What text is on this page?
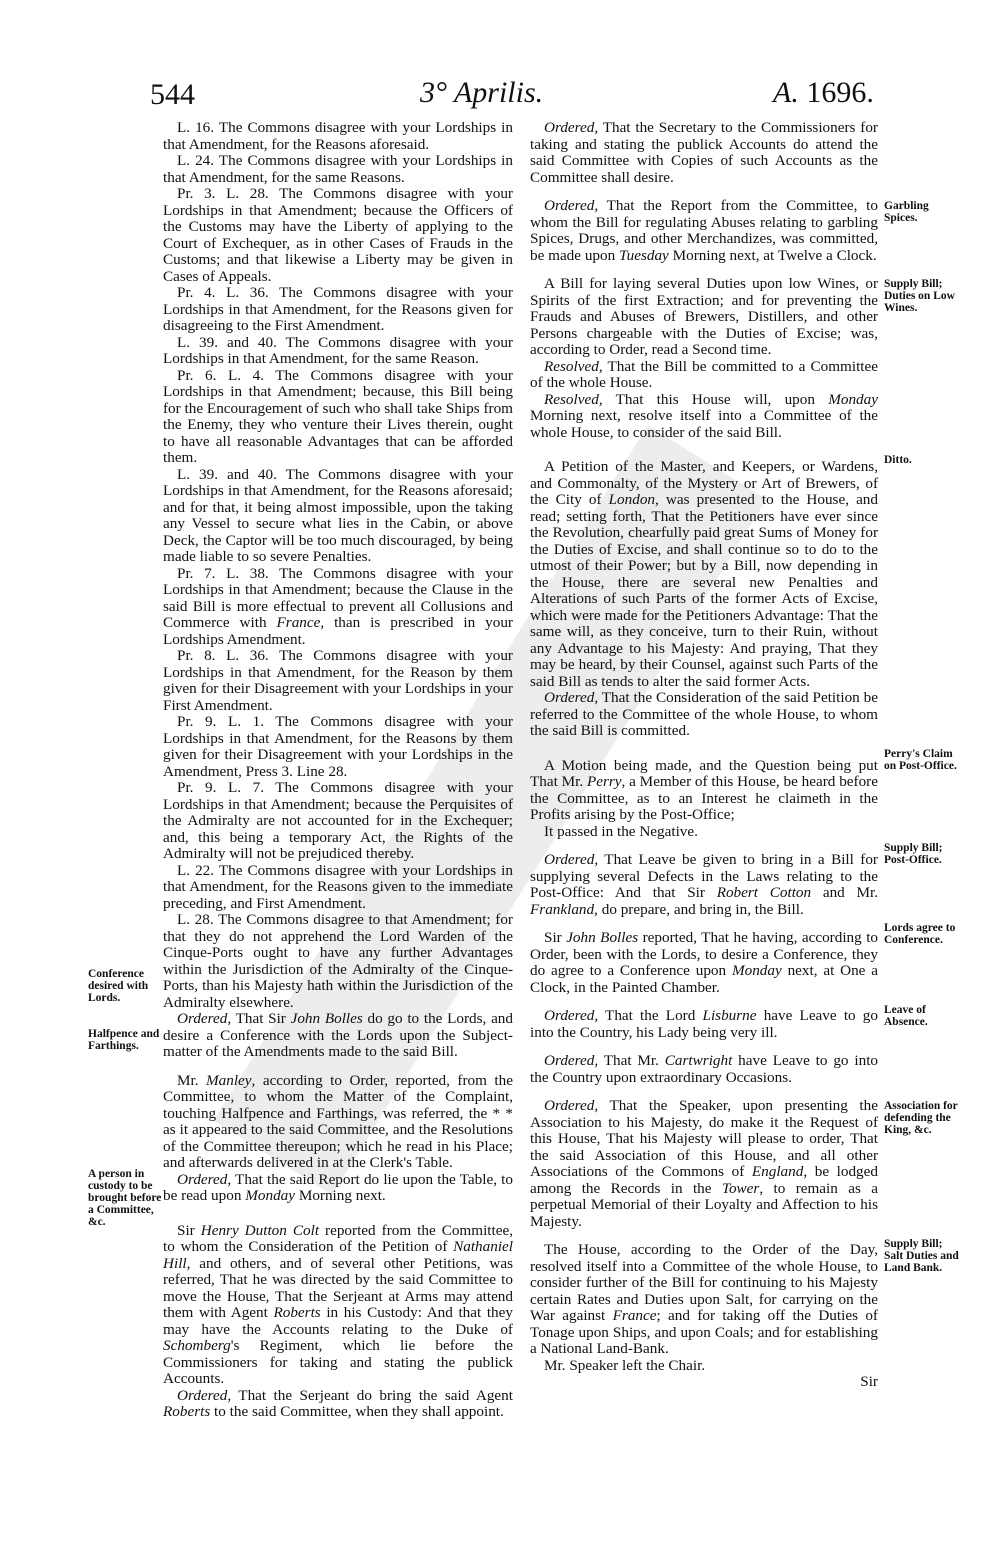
544	3° Aprilis.	A. 1696.

L. 16. The Commons disagree with your Lordships in that Amendment, for the Reasons aforesaid.

L. 24. The Commons disagree with your Lordships in that Amendment, for the same Reasons.

Pr. 3. L. 28. The Commons disagree with your Lordships in that Amendment; because the Officers of the Customs may have the Liberty of applying to the Court of Exchequer, as in other Cases of Frauds in the Customs; and that likewise a Liberty may be given in Cases of Appeals.

Pr. 4. L. 36. The Commons disagree with your Lordships in that Amendment, for the Reasons given for disagreeing to the First Amendment.

L. 39. and 40. The Commons disagree with your Lordships in that Amendment, for the same Reason.

Pr. 6. L. 4. The Commons disagree with your Lordships in that Amendment; because, this Bill being for the Encouragement of such who shall take Ships from the Enemy, they who venture their Lives therein, ought to have all reasonable Advantages that can be afforded them.

L. 39. and 40. The Commons disagree with your Lordships in that Amendment, for the Reasons aforesaid; and for that, it being almost impossible, upon the taking any Vessel to secure what lies in the Cabin, or above Deck, the Captor will be too much discouraged, by being made liable to so severe Penalties.

Pr. 7. L. 38. The Commons disagree with your Lordships in that Amendment; because the Clause in the said Bill is more effectual to prevent all Collusions and Commerce with France, than is prescribed in your Lordships Amendment.

Pr. 8. L. 36. The Commons disagree with your Lordships in that Amendment, for the Reason by them given for their Disagreement with your Lordships in your First Amendment.

Pr. 9. L. 1. The Commons disagree with your Lordships in that Amendment, for the Reasons by them given for their Disagreement with your Lordships in the Amendment, Press 3. Line 28.

Pr. 9. L. 7. The Commons disagree with your Lordships in that Amendment; because the Perquisites of the Admiralty are not accounted for in the Exchequer; and, this being a temporary Act, the Rights of the Admiralty will not be prejudiced thereby.

L. 22. The Commons disagree with your Lordships in that Amendment, for the Reasons given to the immediate preceding, and First Amendment.

L. 28. The Commons disagree to that Amendment; for that they do not apprehend the Lord Warden of the Cinque-Ports ought to have any further Advantages within the Jurisdiction of the Admiralty of the Cinque-Ports, than his Majesty hath within the Jurisdiction of the Admiralty elsewhere.

Ordered, That Sir John Bolles do go to the Lords, and desire a Conference with the Lords upon the Subject-matter of the Amendments made to the said Bill.

Mr. Manley, according to Order, reported, from the Committee, to whom the Matter of the Complaint, touching Halfpence and Farthings, was referred, the * * as it appeared to the said Committee, and the Resolutions of the Committee thereupon; which he read in his Place; and afterwards delivered in at the Clerk's Table.

Ordered, That the said Report do lie upon the Table, to be read upon Monday Morning next.

Sir Henry Dutton Colt reported from the Committee, to whom the Consideration of the Petition of Nathaniel Hill, and others, and of several other Petitions, was referred, That he was directed by the said Committee to move the House, That the Serjeant at Arms may attend them with Agent Roberts in his Custody: And that they may have the Accounts relating to the Duke of Schomberg's Regiment, which lie before the Commissioners for taking and stating the publick Accounts.

Ordered, That the Serjeant do bring the said Agent Roberts to the said Committee, when they shall appoint.

Ordered, That the Secretary to the Commissioners for taking and stating the publick Accounts do attend the said Committee with Copies of such Accounts as the Committee shall desire.

Ordered, That the Report from the Committee, to whom the Bill for regulating Abuses relating to garbling Spices, Drugs, and other Merchandizes, was committed, be made upon Tuesday Morning next, at Twelve a Clock.

A Bill for laying several Duties upon low Wines, or Spirits of the first Extraction; and for preventing the Frauds and Abuses of Brewers, Distillers, and other Persons chargeable with the Duties of Excise; was, according to Order, read a Second time.

Resolved, That the Bill be committed to a Committee of the whole House.

Resolved, That this House will, upon Monday Morning next, resolve itself into a Committee of the whole House, to consider of the said Bill.

A Petition of the Master, and Keepers, or Wardens, and Commonalty, of the Mystery or Art of Brewers, of the City of London, was presented to the House, and read; setting forth, That the Petitioners have ever since the Revolution, chearfully paid great Sums of Money for the Duties of Excise, and shall continue so to do to the utmost of their Power; but by a Bill, now depending in the House, there are several new Penalties and Alterations of such Parts of the former Acts of Excise, which were made for the Petitioners Advantage: That the same will, as they conceive, turn to their Ruin, without any Advantage to his Majesty: And praying, That they may be heard, by their Counsel, against such Parts of the said Bill as tends to alter the said former Acts.

Ordered, That the Consideration of the said Petition be referred to the Committee of the whole House, to whom the said Bill is committed.

A Motion being made, and the Question being put That Mr. Perry, a Member of this House, be heard before the Committee, as to an Interest he claimeth in the Profits arising by the Post-Office;

It passed in the Negative.

Ordered, That Leave be given to bring in a Bill for supplying several Defects in the Laws relating to the Post-Office: And that Sir Robert Cotton and Mr. Frankland, do prepare, and bring in, the Bill.

Sir John Bolles reported, That he having, according to Order, been with the Lords, to desire a Conference, they do agree to a Conference upon Monday next, at One a Clock, in the Painted Chamber.

Ordered, That the Lord Lisburne have Leave to go into the Country, his Lady being very ill.

Ordered, That Mr. Cartwright have Leave to go into the Country upon extraordinary Occasions.

Ordered, That the Speaker, upon presenting the Association to his Majesty, do make it the Request of this House, That his Majesty will please to order, That the said Association of this House, and all other Associations of the Commons of England, be lodged among the Records in the Tower, to remain as a perpetual Memorial of their Loyalty and Affection to his Majesty.

The House, according to the Order of the Day, resolved itself into a Committee of the whole House, to consider further of the Bill for continuing to his Majesty certain Rates and Duties upon Salt, for carrying on the War against France; and for taking off the Duties of Tonage upon Ships, and upon Coals; and for establishing a National Land-Bank.

Mr. Speaker left the Chair.

Sir

Conference desired with Lords.
Halfpence and Farthings.
A person in custody to be brought before a Committee, &c.
Garbling Spices.
Supply Bill; Duties on Low Wines.
Ditto.
Perry's Claim on Post-Office.
Supply Bill; Post-Office.
Lords agree to Conference.
Leave of Absence.
Association for defending the King, &c.
Supply Bill; Salt Duties and Land Bank.
